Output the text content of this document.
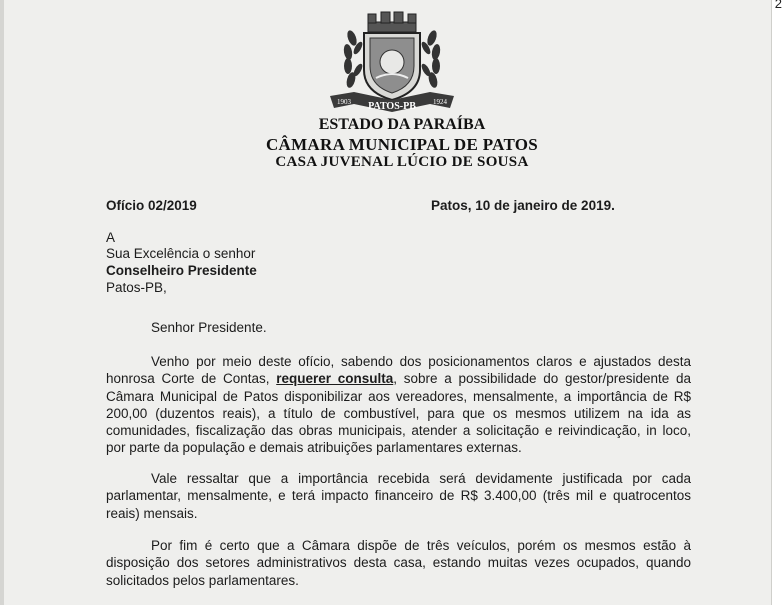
2
PATOS-PB
1903	1924
ESTADO DA PARAÍBA
CÂMARA MUNICIPAL DE PATOS
CASA JUVENAL LÚCIO DE SOUSA
Ofício 02/2019	Patos, 10 de janeiro de 2019.
A
Sua Excelência o senhor
Conselheiro Presidente
Patos-PB,
Senhor Presidente.
Venho por meio deste ofício, sabendo dos posicionamentos claros e ajustados desta honrosa Corte de Contas, requerer consulta, sobre a possibilidade do gestor/presidente da Câmara Municipal de Patos disponibilizar aos vereadores, mensalmente, a importância de R$ 200,00 (duzentos reais), a título de combustível, para que os mesmos utilizem na ida as comunidades, fiscalização das obras municipais, atender a solicitação e reivindicação, in loco, por parte da população e demais atribuições parlamentares externas.
Vale ressaltar que a importância recebida será devidamente justificada por cada parlamentar, mensalmente, e terá impacto financeiro de R$ 3.400,00 (três mil e quatrocentos reais) mensais.
Por fim é certo que a Câmara dispõe de três veículos, porém os mesmos estão à disposição dos setores administrativos desta casa, estando muitas vezes ocupados, quando solicitados pelos parlamentares.
